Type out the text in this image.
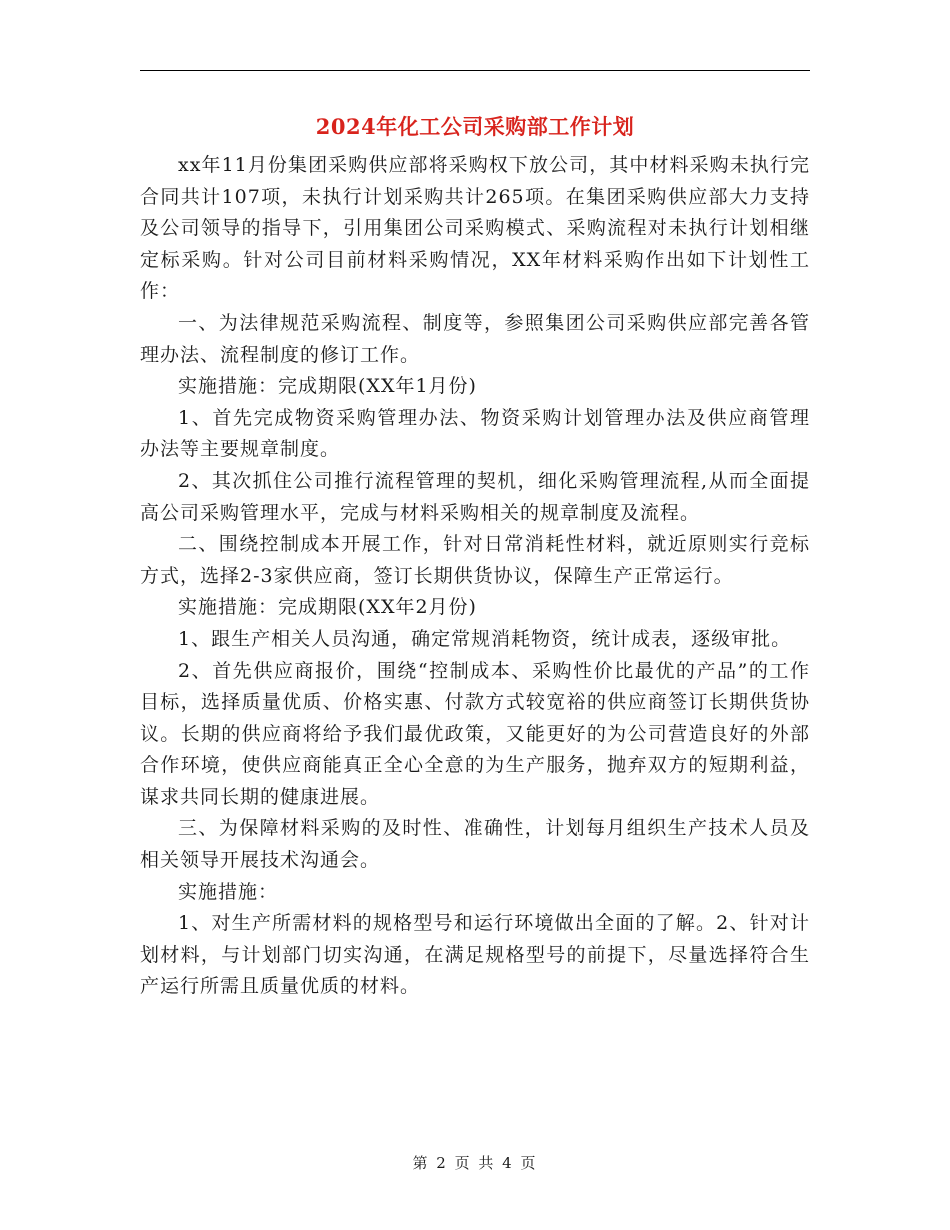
2024年化工公司采购部工作计划

xx年11月份集团采购供应部将采购权下放公司，其中材料采购未执行完合同共计107项，未执行计划采购共计265项。在集团采购供应部大力支持及公司领导的指导下，引用集团公司采购模式、采购流程对未执行计划相继定标采购。针对公司目前材料采购情况，XX年材料采购作出如下计划性工作：

一、为法律规范采购流程、制度等，参照集团公司采购供应部完善各管理办法、流程制度的修订工作。

实施措施：完成期限(XX年1月份)

1、首先完成物资采购管理办法、物资采购计划管理办法及供应商管理办法等主要规章制度。

2、其次抓住公司推行流程管理的契机，细化采购管理流程,从而全面提高公司采购管理水平，完成与材料采购相关的规章制度及流程。

二、围绕控制成本开展工作，针对日常消耗性材料，就近原则实行竞标方式，选择2-3家供应商，签订长期供货协议，保障生产正常运行。

实施措施：完成期限(XX年2月份)

1、跟生产相关人员沟通，确定常规消耗物资，统计成表，逐级审批。

2、首先供应商报价，围绕“控制成本、采购性价比最优的产品”的工作目标，选择质量优质、价格实惠、付款方式较宽裕的供应商签订长期供货协议。长期的供应商将给予我们最优政策，又能更好的为公司营造良好的外部合作环境，使供应商能真正全心全意的为生产服务，抛弃双方的短期利益，谋求共同长期的健康进展。

三、为保障材料采购的及时性、准确性，计划每月组织生产技术人员及相关领导开展技术沟通会。

实施措施：

1、对生产所需材料的规格型号和运行环境做出全面的了解。2、针对计划材料，与计划部门切实沟通，在满足规格型号的前提下，尽量选择符合生产运行所需且质量优质的材料。

第 2 页 共 4 页
